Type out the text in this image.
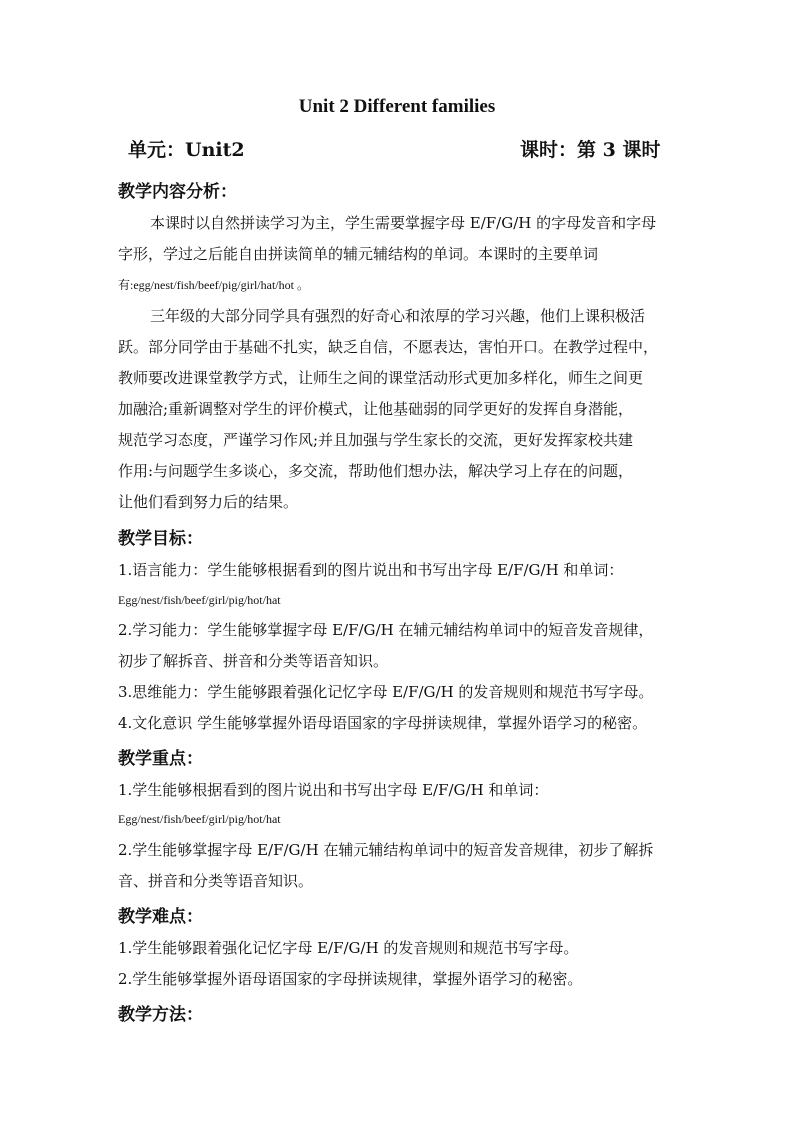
Unit 2 Different families
单元：Unit2	课时：第 3 课时
教学内容分析：
本课时以自然拼读学习为主，学生需要掌握字母 E/F/G/H 的字母发音和字母
字形，学过之后能自由拼读简单的辅元辅结构的单词。本课时的主要单词
有:egg/nest/fish/beef/pig/girl/hat/hot 。
三年级的大部分同学具有强烈的好奇心和浓厚的学习兴趣，他们上课积极活
跃。部分同学由于基础不扎实，缺乏自信，不愿表达，害怕开口。在教学过程中，
教师要改进课堂教学方式，让师生之间的课堂活动形式更加多样化，师生之间更
加融洽;重新调整对学生的评价模式，让他基础弱的同学更好的发挥自身潜能，
规范学习态度，严谨学习作风;并且加强与学生家长的交流，更好发挥家校共建
作用:与问题学生多谈心，多交流，帮助他们想办法，解决学习上存在的问题，
让他们看到努力后的结果。
教学目标：
1.语言能力：学生能够根据看到的图片说出和书写出字母 E/F/G/H 和单词：
Egg/nest/fish/beef/girl/pig/hot/hat
2.学习能力：学生能够掌握字母 E/F/G/H 在辅元辅结构单词中的短音发音规律，
初步了解拆音、拼音和分类等语音知识。
3.思维能力：学生能够跟着强化记忆字母 E/F/G/H 的发音规则和规范书写字母。
4.文化意识 学生能够掌握外语母语国家的字母拼读规律，掌握外语学习的秘密。
教学重点：
1.学生能够根据看到的图片说出和书写出字母 E/F/G/H 和单词：
Egg/nest/fish/beef/girl/pig/hot/hat
2.学生能够掌握字母 E/F/G/H 在辅元辅结构单词中的短音发音规律，初步了解拆
音、拼音和分类等语音知识。
教学难点：
1.学生能够跟着强化记忆字母 E/F/G/H 的发音规则和规范书写字母。
2.学生能够掌握外语母语国家的字母拼读规律，掌握外语学习的秘密。
教学方法：
